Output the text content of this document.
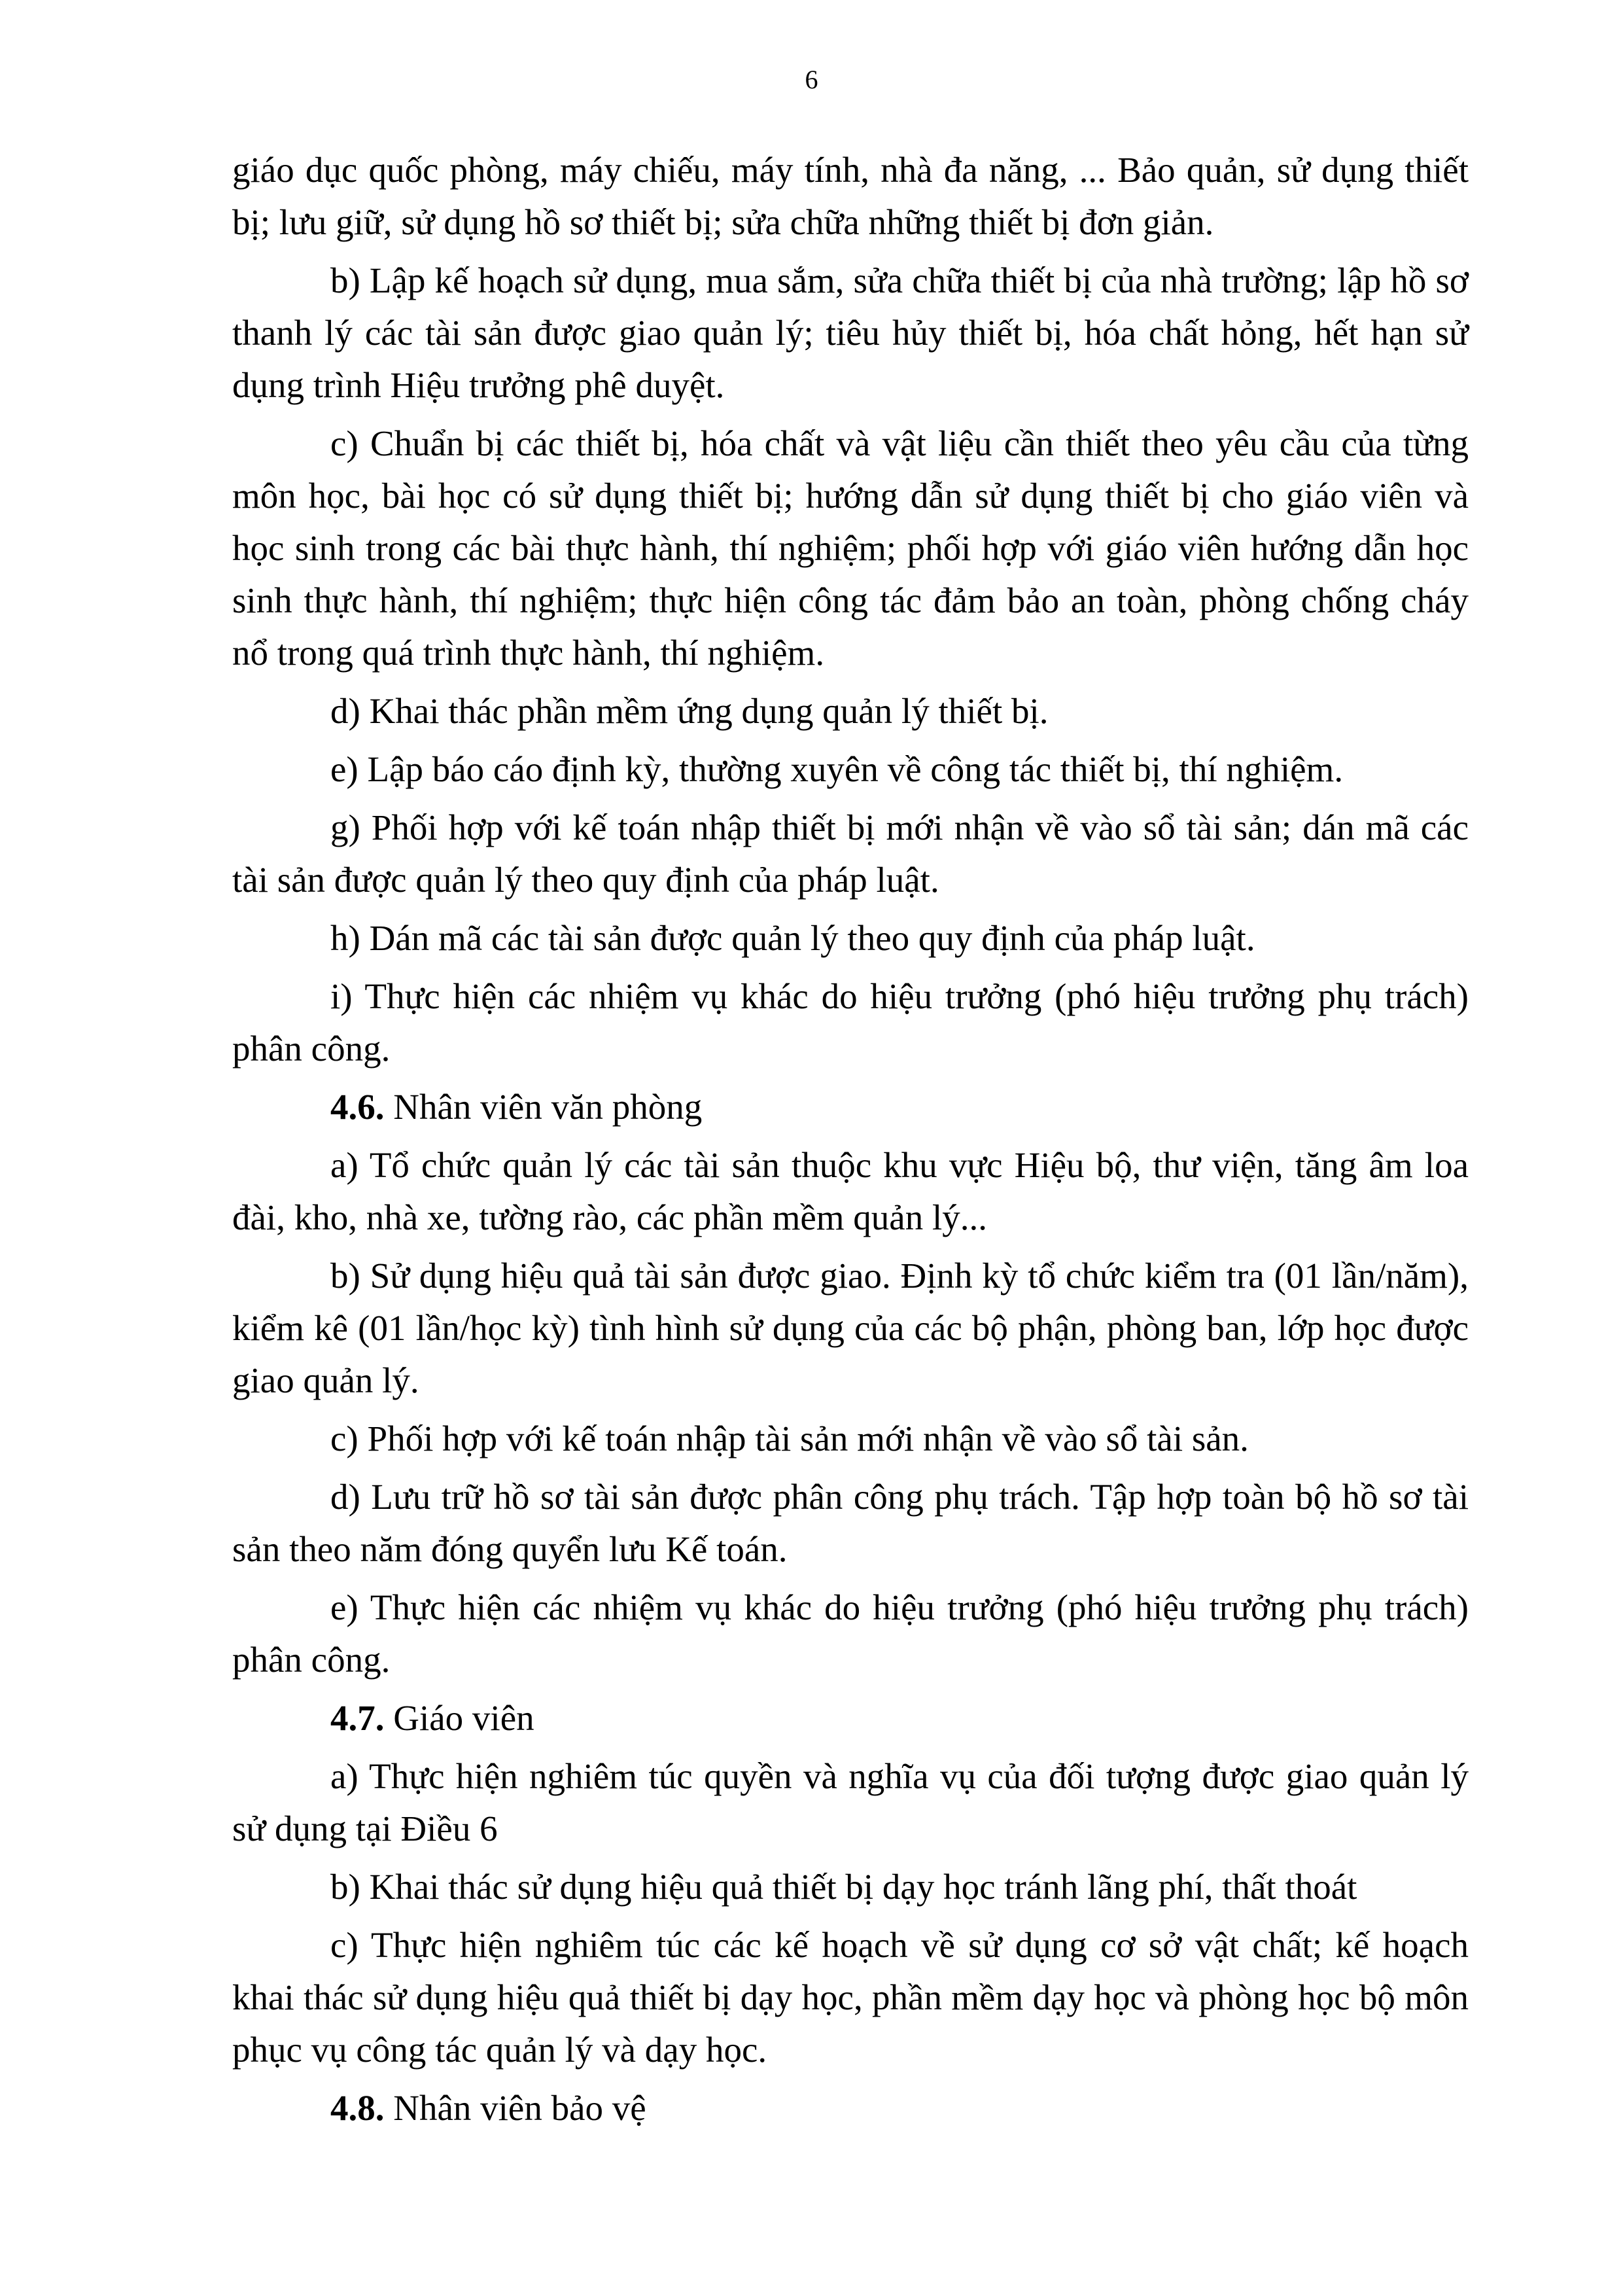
6

giáo dục quốc phòng, máy chiếu, máy tính, nhà đa năng, ... Bảo quản, sử dụng thiết bị; lưu giữ, sử dụng hồ sơ thiết bị; sửa chữa những thiết bị đơn giản.

b) Lập kế hoạch sử dụng, mua sắm, sửa chữa thiết bị của nhà trường; lập hồ sơ thanh lý các tài sản được giao quản lý; tiêu hủy thiết bị, hóa chất hỏng, hết hạn sử dụng trình Hiệu trưởng phê duyệt.

c) Chuẩn bị các thiết bị, hóa chất và vật liệu cần thiết theo yêu cầu của từng môn học, bài học có sử dụng thiết bị; hướng dẫn sử dụng thiết bị cho giáo viên và học sinh trong các bài thực hành, thí nghiệm; phối hợp với giáo viên hướng dẫn học sinh thực hành, thí nghiệm; thực hiện công tác đảm bảo an toàn, phòng chống cháy nổ trong quá trình thực hành, thí nghiệm.

d) Khai thác phần mềm ứng dụng quản lý thiết bị.

e) Lập báo cáo định kỳ, thường xuyên về công tác thiết bị, thí nghiệm.

g) Phối hợp với kế toán nhập thiết bị mới nhận về vào sổ tài sản; dán mã các tài sản được quản lý theo quy định của pháp luật.

h) Dán mã các tài sản được quản lý theo quy định của pháp luật.

i) Thực hiện các nhiệm vụ khác do hiệu trưởng (phó hiệu trưởng phụ trách) phân công.

4.6. Nhân viên văn phòng

a) Tổ chức quản lý các tài sản thuộc khu vực Hiệu bộ, thư viện, tăng âm loa đài, kho, nhà xe, tường rào, các phần mềm quản lý...

b) Sử dụng hiệu quả tài sản được giao. Định kỳ tổ chức kiểm tra (01 lần/năm), kiểm kê (01 lần/học kỳ) tình hình sử dụng của các bộ phận, phòng ban, lớp học được giao quản lý.

c) Phối hợp với kế toán nhập tài sản mới nhận về vào sổ tài sản.

d) Lưu trữ hồ sơ tài sản được phân công phụ trách. Tập hợp toàn bộ hồ sơ tài sản theo năm đóng quyển lưu Kế toán.

e) Thực hiện các nhiệm vụ khác do hiệu trưởng (phó hiệu trưởng phụ trách) phân công.

4.7. Giáo viên

a) Thực hiện nghiêm túc quyền và nghĩa vụ của đối tượng được giao quản lý sử dụng tại Điều 6

b) Khai thác sử dụng hiệu quả thiết bị dạy học tránh lãng phí, thất thoát

c) Thực hiện nghiêm túc các kế hoạch về sử dụng cơ sở vật chất; kế hoạch khai thác sử dụng hiệu quả thiết bị dạy học, phần mềm dạy học và phòng học bộ môn phục vụ công tác quản lý và dạy học.

4.8. Nhân viên bảo vệ
